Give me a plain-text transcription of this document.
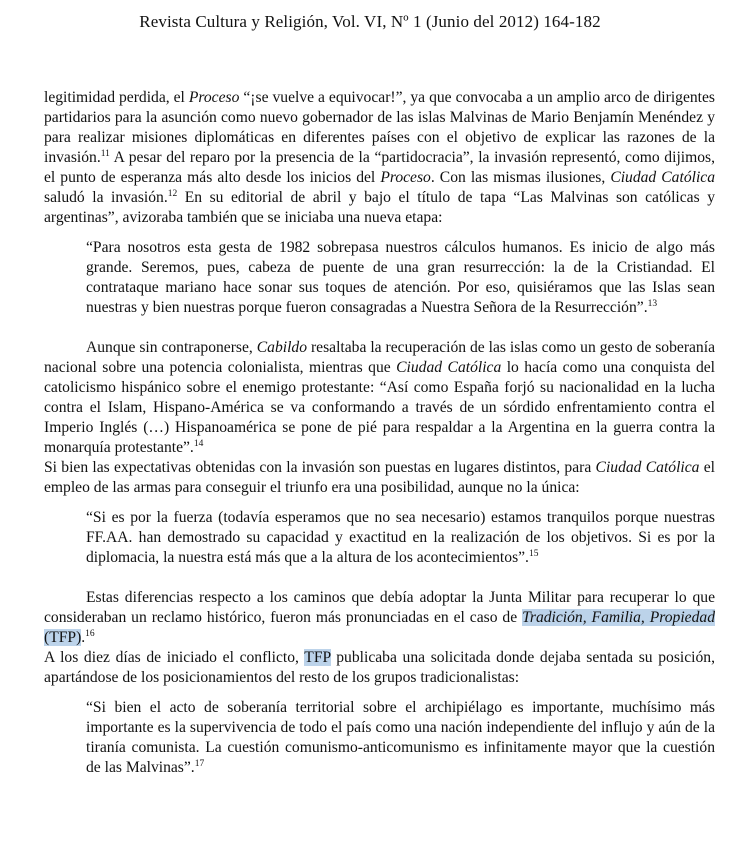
Revista Cultura y Religión, Vol. VI, Nº 1 (Junio del 2012) 164-182

legitimidad perdida, el Proceso “¡se vuelve a equivocar!”, ya que convocaba a un amplio arco de dirigentes partidarios para la asunción como nuevo gobernador de las islas Malvinas de Mario Benjamín Menéndez y para realizar misiones diplomáticas en diferentes países con el objetivo de explicar las razones de la invasión.$^{11}$ A pesar del reparo por la presencia de la “partidocracia”, la invasión representó, como dijimos, el punto de esperanza más alto desde los inicios del Proceso. Con las mismas ilusiones, Ciudad Católica saludó la invasión.$^{12}$ En su editorial de abril y bajo el título de tapa “Las Malvinas son católicas y argentinas”, avizoraba también que se iniciaba una nueva etapa:

“Para nosotros esta gesta de 1982 sobrepasa nuestros cálculos humanos. Es inicio de algo más grande. Seremos, pues, cabeza de puente de una gran resurrección: la de la Cristiandad. El contrataque mariano hace sonar sus toques de atención. Por eso, quisiéramos que las Islas sean nuestras y bien nuestras porque fueron consagradas a Nuestra Señora de la Resurrección”.$^{13}$

Aunque sin contraponerse, Cabildo resaltaba la recuperación de las islas como un gesto de soberanía nacional sobre una potencia colonialista, mientras que Ciudad Católica lo hacía como una conquista del catolicismo hispánico sobre el enemigo protestante: “Así como España forjó su nacionalidad en la lucha contra el Islam, Hispano-América se va conformando a través de un sórdido enfrentamiento contra el Imperio Inglés (…) Hispanoamérica se pone de pié para respaldar a la Argentina en la guerra contra la monarquía protestante”.$^{14}$

Si bien las expectativas obtenidas con la invasión son puestas en lugares distintos, para Ciudad Católica el empleo de las armas para conseguir el triunfo era una posibilidad, aunque no la única:

“Si es por la fuerza (todavía esperamos que no sea necesario) estamos tranquilos porque nuestras FF.AA. han demostrado su capacidad y exactitud en la realización de los objetivos. Si es por la diplomacia, la nuestra está más que a la altura de los acontecimientos”.$^{15}$

Estas diferencias respecto a los caminos que debía adoptar la Junta Militar para recuperar lo que consideraban un reclamo histórico, fueron más pronunciadas en el caso de Tradición, Familia, Propiedad (TFP).$^{16}$

A los diez días de iniciado el conflicto, TFP publicaba una solicitada donde dejaba sentada su posición, apartándose de los posicionamientos del resto de los grupos tradicionalistas:

“Si bien el acto de soberanía territorial sobre el archipiélago es importante, muchísimo más importante es la supervivencia de todo el país como una nación independiente del influjo y aún de la tiranía comunista. La cuestión comunismo-anticomunismo es infinitamente mayor que la cuestión de las Malvinas”.$^{17}$
